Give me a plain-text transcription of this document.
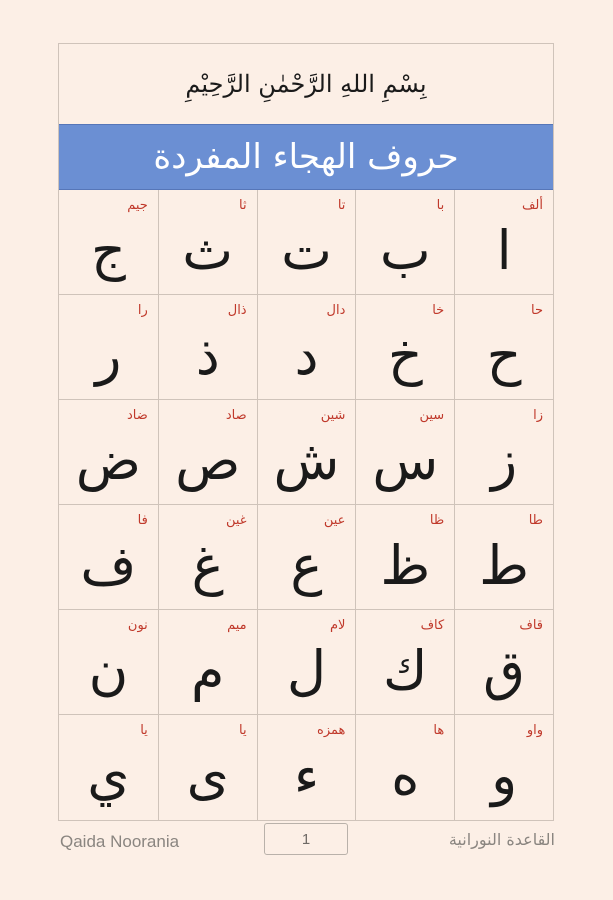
بِسْمِ اللهِ الرَّحْمٰنِ الرَّحِيْمِ
حروف الهجاء المفردة
ألف
ا
با
ب
تا
ت
ثا
ث
جيم
ج
حا
ح
خا
خ
دال
د
ذال
ذ
را
ر
زا
ز
سين
س
شين
ش
صاد
ص
ضاد
ض
طا
ط
ظا
ظ
عين
ع
غين
غ
فا
ف
قاف
ق
كاف
ك
لام
ل
ميم
م
نون
ن
واو
و
ها
ه
همزه
ء
يا
ى
يا
ي
Qaida Noorania	1	القاعدة النورانية
